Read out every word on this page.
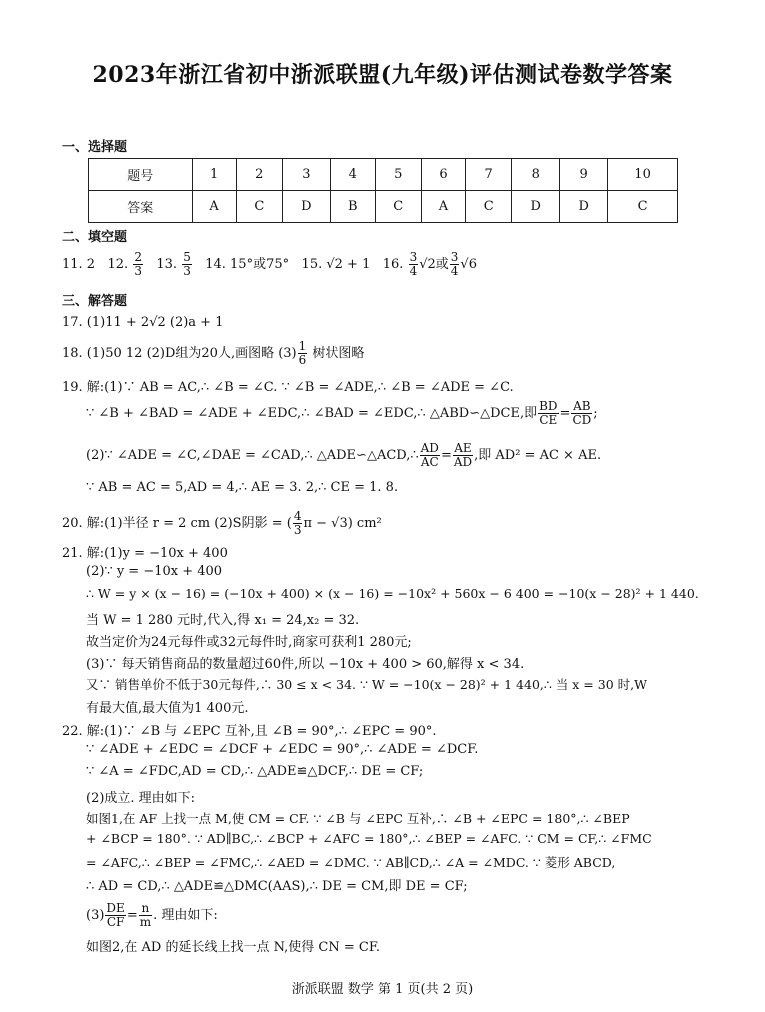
2023年浙江省初中浙派联盟(九年级)评估测试卷数学答案
一、选择题
题号	1	2	3	4	5	6	7	8	9	10
答案	A	C	D	B	C	A	C	D	D	C
二、填空题
11. 2 12. $\frac{2}{3} 13$. $\frac{5}{3} 14$. 15°或75° 15. √2 + 1 16. $\frac{3}{4} √2$或 $\frac{3}{4} √6$
三、解答题
17. (1)11 + 2√2 (2)a + 1
18. (1)50 12 (2)D组为20人,画图略 $(3) \frac{1}{6}$ 树状图略
19. 解:(1)∵ AB = AC,∴ ∠B = ∠C. ∵ ∠B = ∠ADE,∴ ∠B = ∠ADE = ∠C.
∵ ∠B + ∠BAD = ∠ADE + ∠EDC,∴ ∠BAD = ∠EDC,∴ △ABD∽△DCE,即 $\frac{BD}{CE} = \frac{AB}{CD}$ ;
(2)∵ ∠ADE = ∠C,∠DAE = ∠CAD,∴ △ADE∽△ACD,∴ $\frac{AD}{AC} = \frac{AE}{AD}$ ,即 AD² = AC × AE.
∵ AB = AC = 5,AD = 4,∴ AE = 3. 2,∴ CE = 1. 8.
20. 解:(1)半径 r = 2 cm (2)S阴影 = ( $\frac{4}{3}$ π − √3) cm²
21. 解:(1)y = −10x + 400
(2)∵ y = −10x + 400
∴ W = y × (x − 16) = (−10x + 400) × (x − 16) = −10x² + 560x − 6 400 = −10(x − 28)² + 1 440.
当 W = 1 280 元时,代入,得 x₁ = 24,x₂ = 32.
故当定价为24元每件或32元每件时,商家可获利1 280元;
(3)∵ 每天销售商品的数量超过60件,所以 −10x + 400 > 60,解得 x < 34.
又∵ 销售单价不低于30元每件,∴ 30 ≤ x < 34. ∵ W = −10(x − 28)² + 1 440,∴ 当 x = 30 时,W
有最大值,最大值为1 400元.
22. 解:(1)∵ ∠B 与 ∠EPC 互补,且 ∠B = 90°,∴ ∠EPC = 90°.
∵ ∠ADE + ∠EDC = ∠DCF + ∠EDC = 90°,∴ ∠ADE = ∠DCF.
∵ ∠A = ∠FDC,AD = CD,∴ △ADE≌△DCF,∴ DE = CF;
(2)成立. 理由如下:
如图1,在 AF 上找一点 M,使 CM = CF. ∵ ∠B 与 ∠EPC 互补,∴ ∠B + ∠EPC = 180°,∴ ∠BEP
+ ∠BCP = 180°. ∵ AD∥BC,∴ ∠BCP + ∠AFC = 180°,∴ ∠BEP = ∠AFC. ∵ CM = CF,∴ ∠FMC
= ∠AFC,∴ ∠BEP = ∠FMC,∴ ∠AED = ∠DMC. ∵ AB∥CD,∴ ∠A = ∠MDC. ∵ 菱形 ABCD,
∴ AD = CD,∴ △ADE≌△DMC(AAS),∴ DE = CM,即 DE = CF;
$(3) \frac{DE}{CF} = \frac{n}{m}$ . 理由如下:
如图2,在 AD 的延长线上找一点 N,使得 CN = CF.
浙派联盟 数学 第 1 页(共 2 页)
